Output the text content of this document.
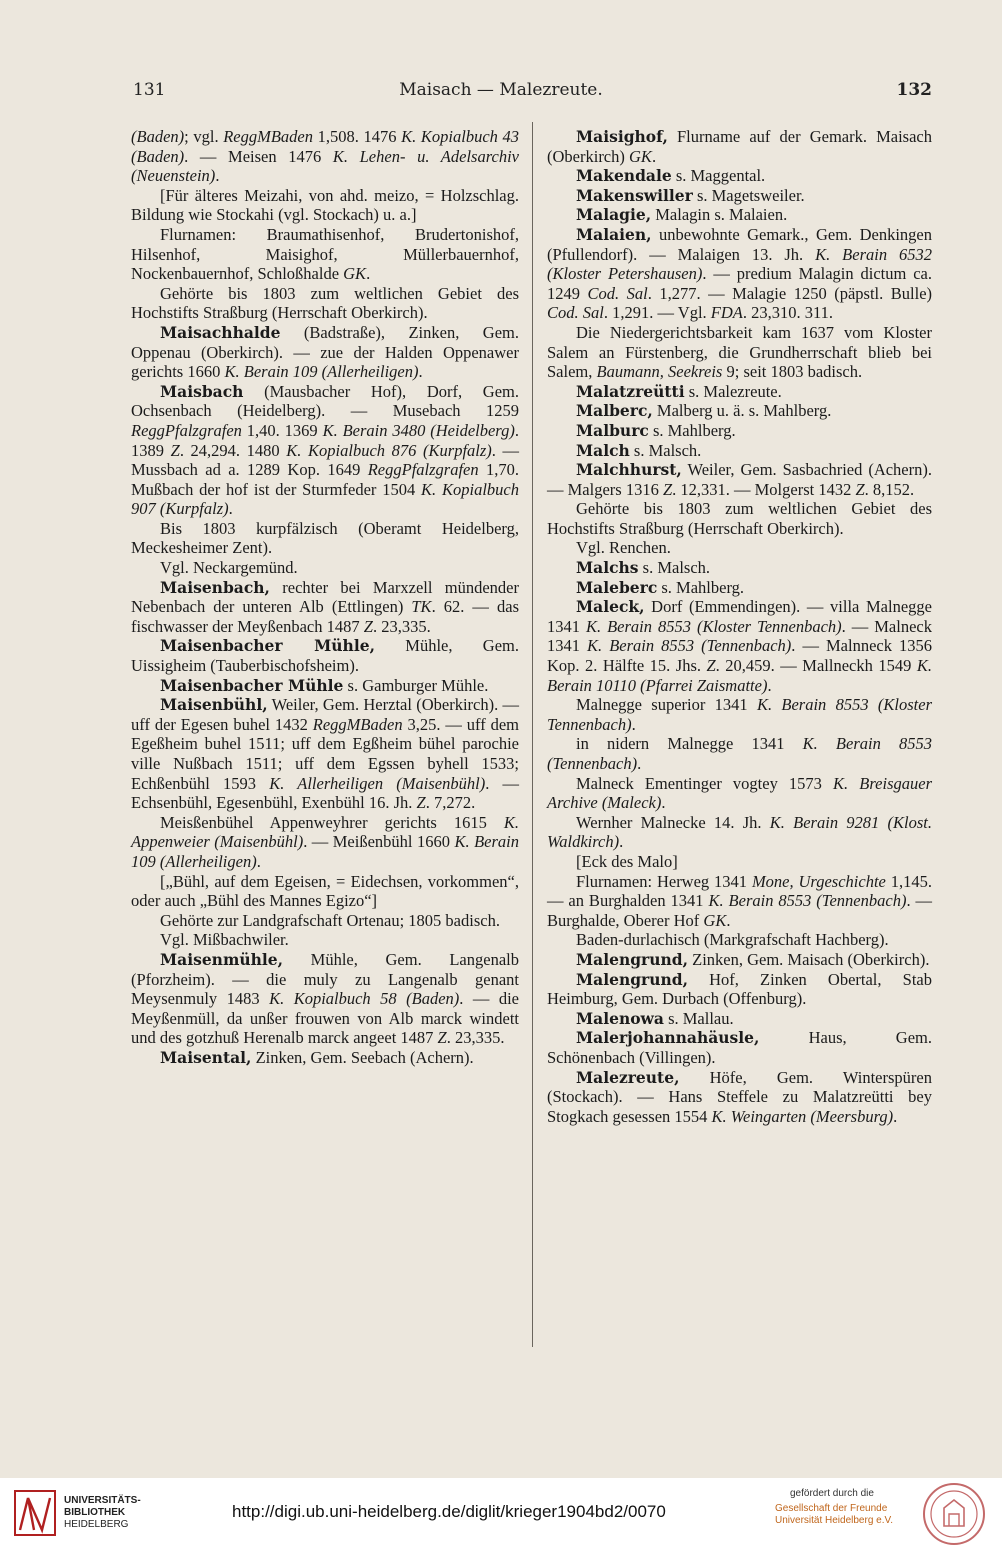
131	Maisach — Malezreute.	132

(Baden); vgl. ReggMBaden 1,508. 1476 K. Kopialbuch 43 (Baden). — Meisen 1476 K. Lehen- u. Adelsarchiv (Neuenstein).

[Für älteres Meizahi, von ahd. meizo, = Holzschlag. Bildung wie Stockahi (vgl. Stockach) u. a.]

Flurnamen: Braumathisenhof, Brudertonishof, Hilsenhof, Maisighof, Müllerbauernhof, Nockenbauernhof, Schloßhalde GK.

Gehörte bis 1803 zum weltlichen Gebiet des Hochstifts Straßburg (Herrschaft Oberkirch).

Maisachhalde (Badstraße), Zinken, Gem. Oppenau (Oberkirch). — zue der Halden Oppenawer gerichts 1660 K. Berain 109 (Allerheiligen).

Maisbach (Mausbacher Hof), Dorf, Gem. Ochsenbach (Heidelberg). — Musebach 1259 ReggPfalzgrafen 1,40. 1369 K. Berain 3480 (Heidelberg). 1389 Z. 24,294. 1480 K. Kopialbuch 876 (Kurpfalz). — Mussbach ad a. 1289 Kop. 1649 ReggPfalzgrafen 1,70. Mußbach der hof ist der Sturmfeder 1504 K. Kopialbuch 907 (Kurpfalz).

Bis 1803 kurpfälzisch (Oberamt Heidelberg, Meckesheimer Zent).

Vgl. Neckargemünd.

Maisenbach, rechter bei Marxzell mündender Nebenbach der unteren Alb (Ettlingen) TK. 62. — das fischwasser der Meyßenbach 1487 Z. 23,335.

Maisenbacher Mühle, Mühle, Gem. Uissigheim (Tauberbischofsheim).

Maisenbacher Mühle s. Gamburger Mühle.

Maisenbühl, Weiler, Gem. Herztal (Oberkirch). — uff der Egesen buhel 1432 ReggMBaden 3,25. — uff dem Egeßheim buhel 1511; uff dem Egßheim bühel parochie ville Nußbach 1511; uff dem Egssen byhell 1533; Echßenbühl 1593 K. Allerheiligen (Maisenbühl). — Echsenbühl, Egesenbühl, Exenbühl 16. Jh. Z. 7,272.

Meisßenbühel Appenweyhrer gerichts 1615 K. Appenweier (Maisenbühl). — Meißenbühl 1660 K. Berain 109 (Allerheiligen).

[„Bühl, auf dem Egeisen, = Eidechsen, vorkommen“, oder auch „Bühl des Mannes Egizo“]

Gehörte zur Landgrafschaft Ortenau; 1805 badisch.

Vgl. Mißbachwiler.

Maisenmühle, Mühle, Gem. Langenalb (Pforzheim). — die muly zu Langenalb genant Meysenmuly 1483 K. Kopialbuch 58 (Baden). — die Meyßenmüll, da unßer frouwen von Alb marck windett und des gotzhuß Herenalb marck angeet 1487 Z. 23,335.

Maisental, Zinken, Gem. Seebach (Achern).

Maisighof, Flurname auf der Gemark. Maisach (Oberkirch) GK.

Makendale s. Maggental.

Makenswiller s. Magetsweiler.

Malagie, Malagin s. Malaien.

Malaien, unbewohnte Gemark., Gem. Denkingen (Pfullendorf). — Malaigen 13. Jh. K. Berain 6532 (Kloster Petershausen). — predium Malagin dictum ca. 1249 Cod. Sal. 1,277. — Malagie 1250 (päpstl. Bulle) Cod. Sal. 1,291. — Vgl. FDA. 23,310. 311.

Die Niedergerichtsbarkeit kam 1637 vom Kloster Salem an Fürstenberg, die Grundherrschaft blieb bei Salem, Baumann, Seekreis 9; seit 1803 badisch.

Malatzreütti s. Malezreute.

Malberc, Malberg u. ä. s. Mahlberg.

Malburc s. Mahlberg.

Malch s. Malsch.

Malchhurst, Weiler, Gem. Sasbachried (Achern). — Malgers 1316 Z. 12,331. — Molgerst 1432 Z. 8,152.

Gehörte bis 1803 zum weltlichen Gebiet des Hochstifts Straßburg (Herrschaft Oberkirch).

Vgl. Renchen.

Malchs s. Malsch.

Maleberc s. Mahlberg.

Maleck, Dorf (Emmendingen). — villa Malnegge 1341 K. Berain 8553 (Kloster Tennenbach). — Malneck 1341 K. Berain 8553 (Tennenbach). — Malnneck 1356 Kop. 2. Hälfte 15. Jhs. Z. 20,459. — Mallneckh 1549 K. Berain 10110 (Pfarrei Zaismatte).

Malnegge superior 1341 K. Berain 8553 (Kloster Tennenbach).

in nidern Malnegge 1341 K. Berain 8553 (Tennenbach).

Malneck Ementinger vogtey 1573 K. Breisgauer Archive (Maleck).

Wernher Malnecke 14. Jh. K. Berain 9281 (Klost. Waldkirch).

[Eck des Malo]

Flurnamen: Herweg 1341 Mone, Urgeschichte 1,145. — an Burghalden 1341 K. Berain 8553 (Tennenbach). — Burghalde, Oberer Hof GK.

Baden-durlachisch (Markgrafschaft Hachberg).

Malengrund, Zinken, Gem. Maisach (Oberkirch).

Malengrund, Hof, Zinken Obertal, Stab Heimburg, Gem. Durbach (Offenburg).

Malenowa s. Mallau.

Malerjohannahäusle, Haus, Gem. Schönenbach (Villingen).

Malezreute, Höfe, Gem. Winterspüren (Stockach). — Hans Steffele zu Malatzreütti bey Stogkach gesessen 1554 K. Weingarten (Meersburg).

UNIVERSITÄTS-
BIBLIOTHEK
HEIDELBERG
http://digi.ub.uni-heidelberg.de/diglit/krieger1904bd2/0070
gefördert durch die
Gesellschaft der Freunde
Universität Heidelberg e.V.
